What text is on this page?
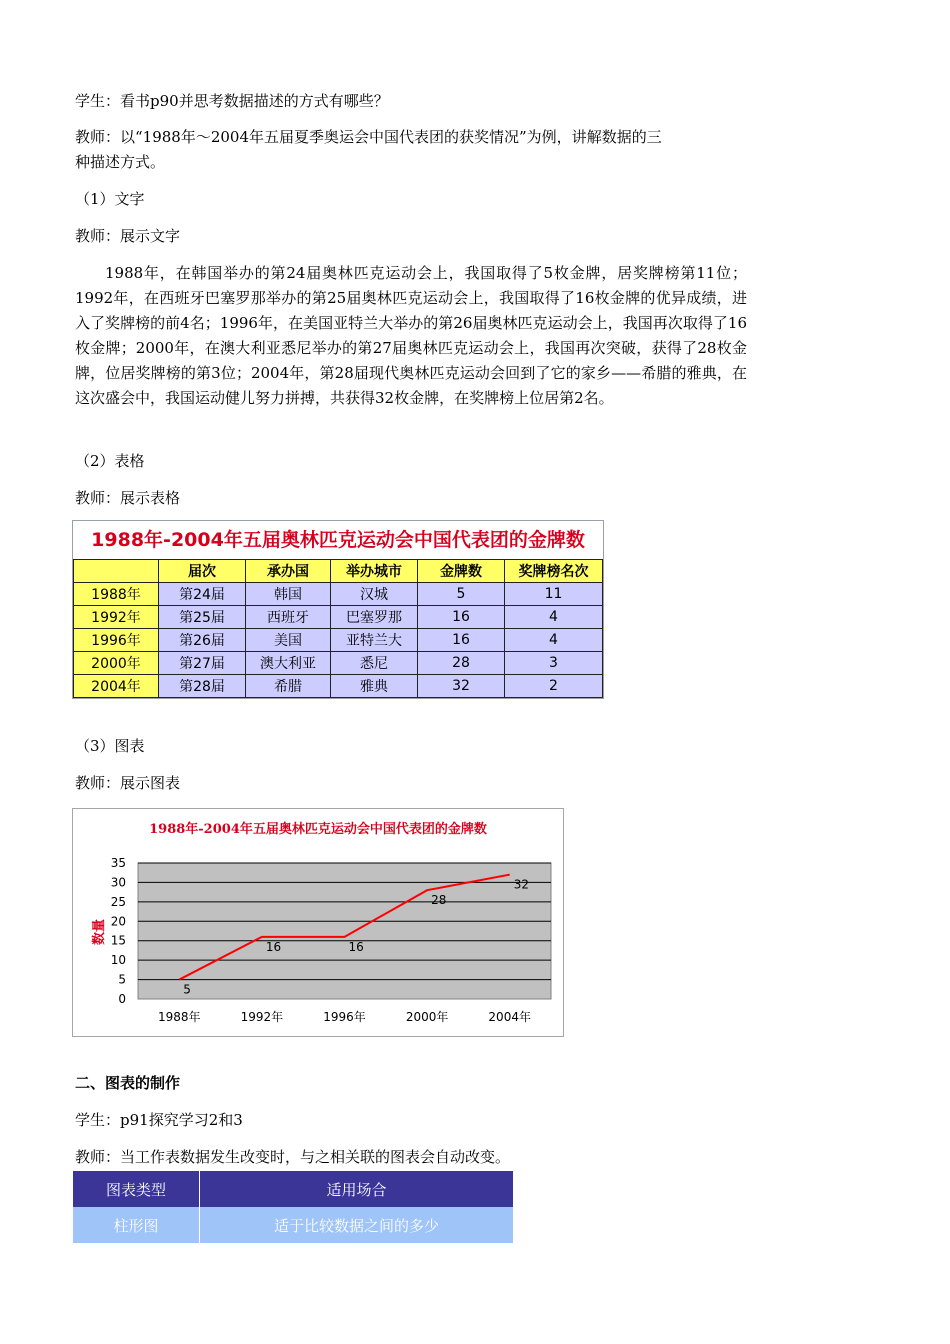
学生：看书p90并思考数据描述的方式有哪些？
教师：以“1988年～2004年五届夏季奥运会中国代表团的获奖情况”为例，讲解数据的三
种描述方式。
（1）文字
教师：展示文字
1988年，在韩国举办的第24届奥林匹克运动会上，我国取得了5枚金牌，居奖牌榜第11位；1992年，在西班牙巴塞罗那举办的第25届奥林匹克运动会上，我国取得了16枚金牌的优异成绩，进入了奖牌榜的前4名；1996年，在美国亚特兰大举办的第26届奥林匹克运动会上，我国再次取得了16枚金牌；2000年，在澳大利亚悉尼举办的第27届奥林匹克运动会上，我国再次突破，获得了28枚金牌，位居奖牌榜的第3位；2004年，第28届现代奥林匹克运动会回到了它的家乡——希腊的雅典，在这次盛会中，我国运动健儿努力拼搏，共获得32枚金牌，在奖牌榜上位居第2名。
（2）表格
教师：展示表格
1988年-2004年五届奥林匹克运动会中国代表团的金牌数
	届次	承办国	举办城市	金牌数	奖牌榜名次
1988年	第24届	韩国	汉城	5	11
1992年	第25届	西班牙	巴塞罗那	16	4
1996年	第26届	美国	亚特兰大	16	4
2000年	第27届	澳大利亚	悉尼	28	3
2004年	第28届	希腊	雅典	32	2
（3）图表
教师：展示图表
1988年-2004年五届奥林匹克运动会中国代表团的金牌数
数量
0
5
10
15
20
25
30
35
1988年	1992年	1996年	2000年	2004年
5
16	16
28
32
二、图表的制作
学生：p91探究学习2和3
教师：当工作表数据发生改变时，与之相关联的图表会自动改变。
图表类型	适用场合
柱形图	适于比较数据之间的多少
